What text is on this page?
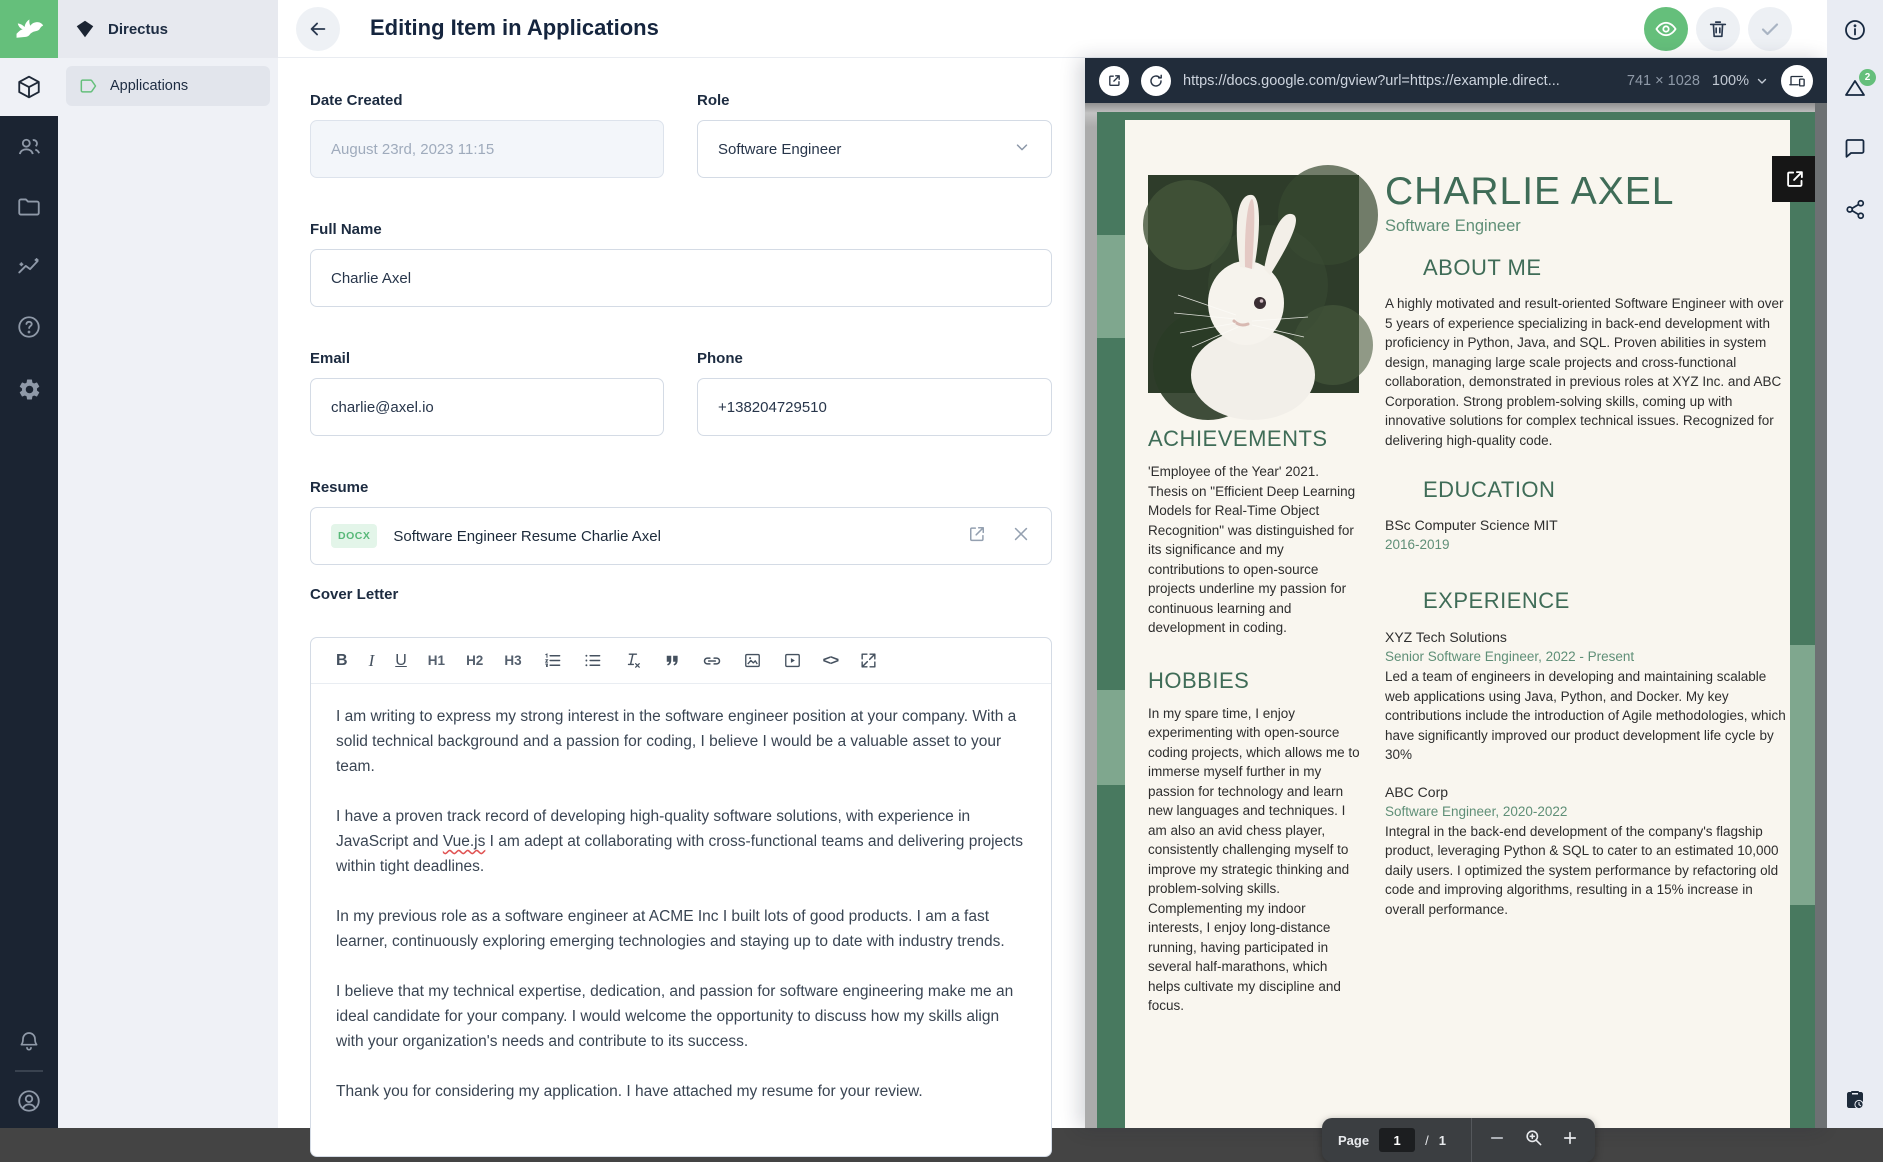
Directus
Applications
Editing Item in Applications
Date Created
August 23rd, 2023 11:15
Role
Software Engineer
Full Name
Charlie Axel
Email
charlie@axel.io
Phone
+138204729510
Resume
DOCX	Software Engineer Resume Charlie Axel
Cover Letter
B I U H1 H2 H3	<>

I am writing to express my strong interest in the software engineer position at your company. With a solid technical background and a passion for coding, I believe I would be a valuable asset to your team.

I have a proven track record of developing high-quality software solutions, with experience in JavaScript and Vue.js I am adept at collaborating with cross-functional teams and delivering projects within tight deadlines.

In my previous role as a software engineer at ACME Inc I built lots of good products. I am a fast learner, continuously exploring emerging technologies and staying up to date with industry trends.

I believe that my technical expertise, dedication, and passion for software engineering make me an ideal candidate for your company. I would welcome the opportunity to discuss how my skills align with your organization's needs and contribute to its success.

Thank you for considering my application. I have attached my resume for your review.

https://docs.google.com/gview?url=https://example.direct...	741 × 1028 100%
ACHIEVEMENTS
'Employee of the Year' 2021. Thesis on "Efficient Deep Learning Models for Real-Time Object Recognition" was distinguished for its significance and my contributions to open-source projects underline my passion for continuous learning and development in coding.
HOBBIES
In my spare time, I enjoy experimenting with open-source coding projects, which allows me to immerse myself further in my passion for technology and learn new languages and techniques. I am also an avid chess player, consistently challenging myself to improve my strategic thinking and problem-solving skills. Complementing my indoor interests, I enjoy long-distance running, having participated in several half-marathons, which helps cultivate my discipline and focus.
CHARLIE AXEL
Software Engineer
ABOUT ME
A highly motivated and result-oriented Software Engineer with over 5 years of experience specializing in back-end development with proficiency in Python, Java, and SQL. Proven abilities in system design, managing large scale projects and cross-functional collaboration, demonstrated in previous roles at XYZ Inc. and ABC Corporation. Strong problem-solving skills, coming up with innovative solutions for complex technical issues. Recognized for delivering high-quality code.
EDUCATION
BSc Computer Science MIT
2016-2019
EXPERIENCE
XYZ Tech Solutions
Senior Software Engineer, 2022 - Present
Led a team of engineers in developing and maintaining scalable web applications using Java, Python, and Docker. My key contributions include the introduction of Agile methodologies, which have significantly improved our product development life cycle by 30%
ABC Corp
Software Engineer, 2020-2022
Integral in the back-end development of the company's flagship product, leveraging Python & SQL to cater to an estimated 10,000 daily users. I optimized the system performance by refactoring old code and improving algorithms, resulting in a 15% increase in overall performance.
Page	1	/ 1
2
